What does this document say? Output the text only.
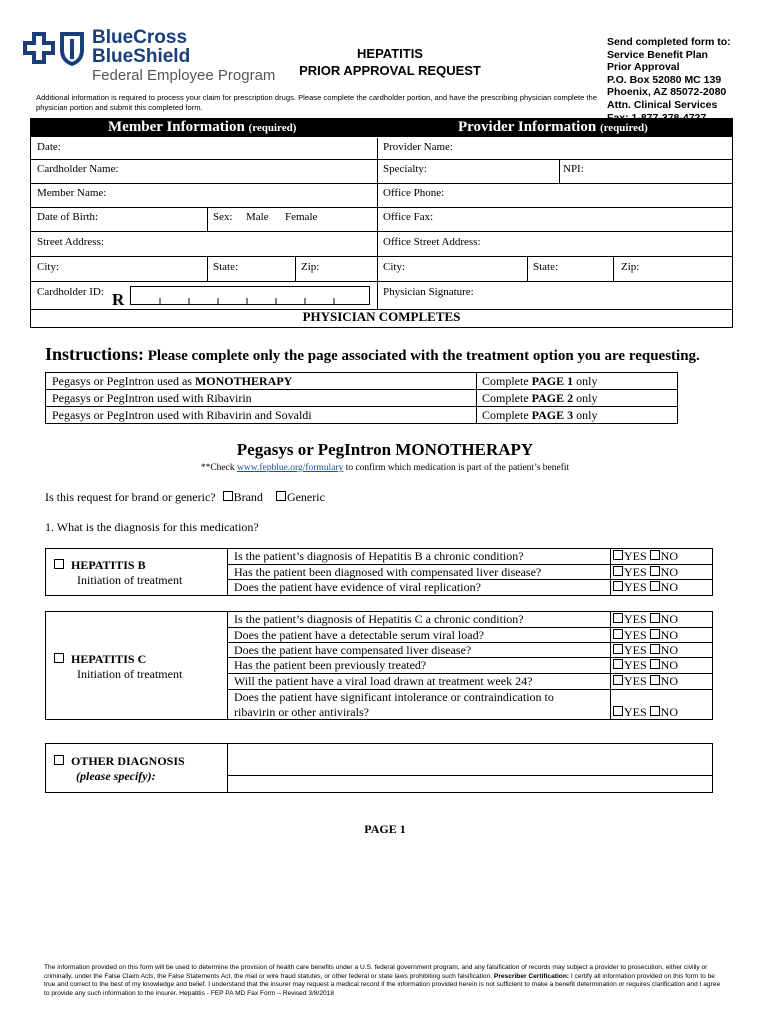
BlueCross
BlueShield
Federal Employee Program
HEPATITIS
PRIOR APPROVAL REQUEST
Send completed form to:
Service Benefit Plan
Prior Approval
P.O. Box 52080 MC 139
Phoenix, AZ 85072-2080
Attn. Clinical Services
Additional information is required to process your claim for prescription drugs. Please complete the cardholder portion, and have the prescribing physician complete the physician portion and submit this completed form.
Date:
Cardholder Name:
Member Name:
Date of Birth:	Sex: Male Female
Street Address:
City:	State:	Zip:
Cardholder ID:
Provider Name:
Specialty:	NPI:
Office Phone:
Office Fax:
Office Street Address:
City:	State:	Zip:
Physician Signature:
Member Information (required)	Provider Information (required)
R
PHYSICIAN COMPLETES
Instructions: Please complete only the page associated with the treatment option you are requesting.
Pegasys or PegIntron used as MONOTHERAPY	Complete PAGE 1 only
Pegasys or PegIntron used with Ribavirin	Complete PAGE 2 only
Pegasys or PegIntron used with Ribavirin and Sovaldi	Complete PAGE 3 only
Pegasys or PegIntron MONOTHERAPY
**Check www.fepblue.org/formulary to confirm which medication is part of the patient’s benefit
Is this request for brand or generic? Brand Generic
1. What is the diagnosis for this medication?
HEPATITIS B
Initiation of treatment
Is the patient’s diagnosis of Hepatitis B a chronic condition?	YES NO
Has the patient been diagnosed with compensated liver disease?	YES NO
Does the patient have evidence of viral replication?	YES NO
HEPATITIS C
Initiation of treatment
Is the patient’s diagnosis of Hepatitis C a chronic condition?	YES NO
Does the patient have a detectable serum viral load?	YES NO
Does the patient have compensated liver disease?	YES NO
Has the patient been previously treated?	YES NO
Will the patient have a viral load drawn at treatment week 24?	YES NO
Does the patient have significant intolerance or contraindication to
ribavirin or other antivirals?	YES NO
OTHER DIAGNOSIS
(please specify):
PAGE 1
The information provided on this form will be used to determine the provision of health care benefits under a U.S. federal government program, and any falsification of records may subject a provider to prosecution, either civilly or criminally, under the False Claim Acts, the False Statements Act, the mail or wire fraud statutes, or other federal or state laws prohibiting such falsification. Prescriber Certification: I certify all information provided on this form to be true and correct to the best of my knowledge and belief. I understand that the insurer may request a medical record if the information provided herein is not sufficient to make a benefit determination or requires clarification and I agree to provide any such information to the insurer. Hepatitis - FEP PA MD Fax Form – Revised 3/8/2018
